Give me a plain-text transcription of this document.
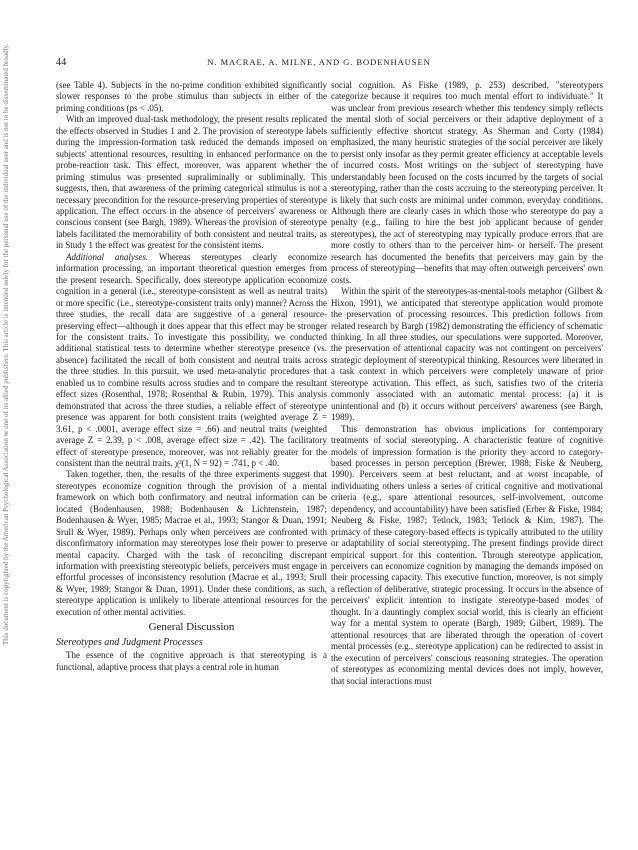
44	N. MACRAE, A. MILNE, AND G. BODENHAUSEN
This document is copyrighted by the American Psychological Association or one of its allied publishers. This article is intended solely for the personal use of the individual user and is not to be disseminated broadly.	(see Table 4). Subjects in the no-prime condition exhibited significantly slower responses to the probe stimulus than subjects in either of the priming conditions (ps < .05).

With an improved dual-task methodology, the present results replicated the effects observed in Studies 1 and 2. The provision of stereotype labels during the impression-formation task reduced the demands imposed on subjects' attentional resources, resulting in enhanced performance on the probe-reaction task. This effect, moreover, was apparent whether the priming stimulus was presented supraliminally or subliminally. This suggests, then, that awareness of the priming categorical stimulus is not a necessary precondition for the resource-preserving properties of stereotype application. The effect occurs in the absence of perceivers' awareness or conscious consent (see Bargh, 1989). Whereas the provision of stereotype labels facilitated the memorability of both consistent and neutral traits, as in Study 1 the effect was greatest for the consistent items.

Additional analyses. Whereas stereotypes clearly economize information processing, an important theoretical question emerges from the present research. Specifically, does stereotype application economize cognition in a general (i.e., stereotype-consistent as well as neutral traits) or more specific (i.e., stereotype-consistent traits only) manner? Across the three studies, the recall data are suggestive of a general resource-preserving effect—although it does appear that this effect may be stronger for the consistent traits. To investigate this possibility, we conducted additional statistical tests to determine whether stereotype presence (vs. absence) facilitated the recall of both consistent and neutral traits across the three studies. In this pursuit, we used meta-analytic procedures that enabled us to combine results across studies and to compare the resultant effect sizes (Rosenthal, 1978; Rosenthal & Rubin, 1979). This analysis demonstrated that across the three studies, a reliable effect of stereotype presence was apparent for both consistent traits (weighted average Z = 3.61, p < .0001, average effect size = .66) and neutral traits (weighted average Z = 2.39, p < .008, average effect size = .42). The facilitatory effect of stereotype presence, moreover, was not reliably greater for the consistent than the neutral traits, χ²(1, N = 92) = .741, p < .40.

Taken together, then, the results of the three experiments suggest that stereotypes economize cognition through the provision of a mental framework on which both confirmatory and neutral information can be located (Bodenhausen, 1988; Bodenhausen & Lichtenstein, 1987; Bodenhausen & Wyer, 1985; Macrae et al., 1993; Stangor & Duan, 1991; Srull & Wyer, 1989). Perhaps only when perceivers are confronted with disconfirmatory information may stereotypes lose their power to preserve mental capacity. Charged with the task of reconciling discrepant information with preexisting stereotypic beliefs, perceivers must engage in effortful processes of inconsistency resolution (Macrae et al., 1993; Srull & Wyer, 1989; Stangor & Duan, 1991). Under these conditions, as such, stereotype application is unlikely to liberate attentional resources for the execution of other mental activities.

General Discussion
Stereotypes and Judgment Processes

The essence of the cognitive approach is that stereotyping is a functional, adaptive process that plays a central role in human

social cognition. As Fiske (1989, p. 253) described, "stereotypers categorize because it requires too much mental effort to individuate." It was unclear from previous research whether this tendency simply reflects the mental sloth of social perceivers or their adaptive deployment of a sufficiently effective shortcut strategy. As Sherman and Corty (1984) emphasized, the many heuristic strategies of the social perceiver are likely to persist only insofar as they permit greater efficiency at acceptable levels of incurred costs. Most writings on the subject of stereotyping have understandably been focused on the costs incurred by the targets of social stereotyping, rather than the costs accruing to the stereotyping perceiver. It is likely that such costs are minimal under common, everyday conditions. Although there are clearly cases in which those who stereotype do pay a penalty (e.g., failing to hire the best job applicant because of gender stereotypes), the act of stereotyping may typically produce errors that are more costly to others than to the perceiver him- or herself. The present research has documented the benefits that perceivers may gain by the process of stereotyping—benefits that may often outweigh perceivers' own costs.

Within the spirit of the stereotypes-as-mental-tools metaphor (Gilbert & Hixon, 1991), we anticipated that stereotype application would promote the preservation of processing resources. This prediction follows from related research by Bargh (1982) demonstrating the efficiency of schematic thinking. In all three studies, our speculations were supported. Moreover, the preservation of attentional capacity was not contingent on perceivers' strategic deployment of stereotypical thinking. Resources were liberated in a task context in which perceivers were completely unaware of prior stereotype activation. This effect, as such, satisfies two of the criteria commonly associated with an automatic mental process: (a) it is unintentional and (b) it occurs without perceivers' awareness (see Bargh, 1989).

This demonstration has obvious implications for contemporary treatments of social stereotyping. A characteristic feature of cognitive models of impression formation is the priority they accord to category-based processes in person perception (Brewer, 1988; Fiske & Neuberg, 1990). Perceivers seem at best reluctant, and at worst incapable, of individuating others unless a series of critical cognitive and motivational criteria (e.g., spare attentional resources, self-involvement, outcome dependency, and accountability) have been satisfied (Erber & Fiske, 1984; Neuberg & Fiske, 1987; Tetlock, 1983; Tetlock & Kim, 1987). The primacy of these category-based effects is typically attributed to the utility or adaptability of social stereotyping. The present findings provide direct empirical support for this contention. Through stereotype application, perceivers can economize cognition by managing the demands imposed on their processing capacity. This executive function, moreover, is not simply a reflection of deliberative, strategic processing. It occurs in the absence of perceivers' explicit intention to instigate stereotype-based modes of thought. In a dauntingly complex social world, this is clearly an efficient way for a mental system to operate (Bargh, 1989; Gilbert, 1989). The attentional resources that are liberated through the operation of covert mental processes (e.g., stereotype application) can be redirected to assist in the execution of perceivers' conscious reasoning strategies. The operation of stereotypes as economizing mental devices does not imply, however, that social interactions must
